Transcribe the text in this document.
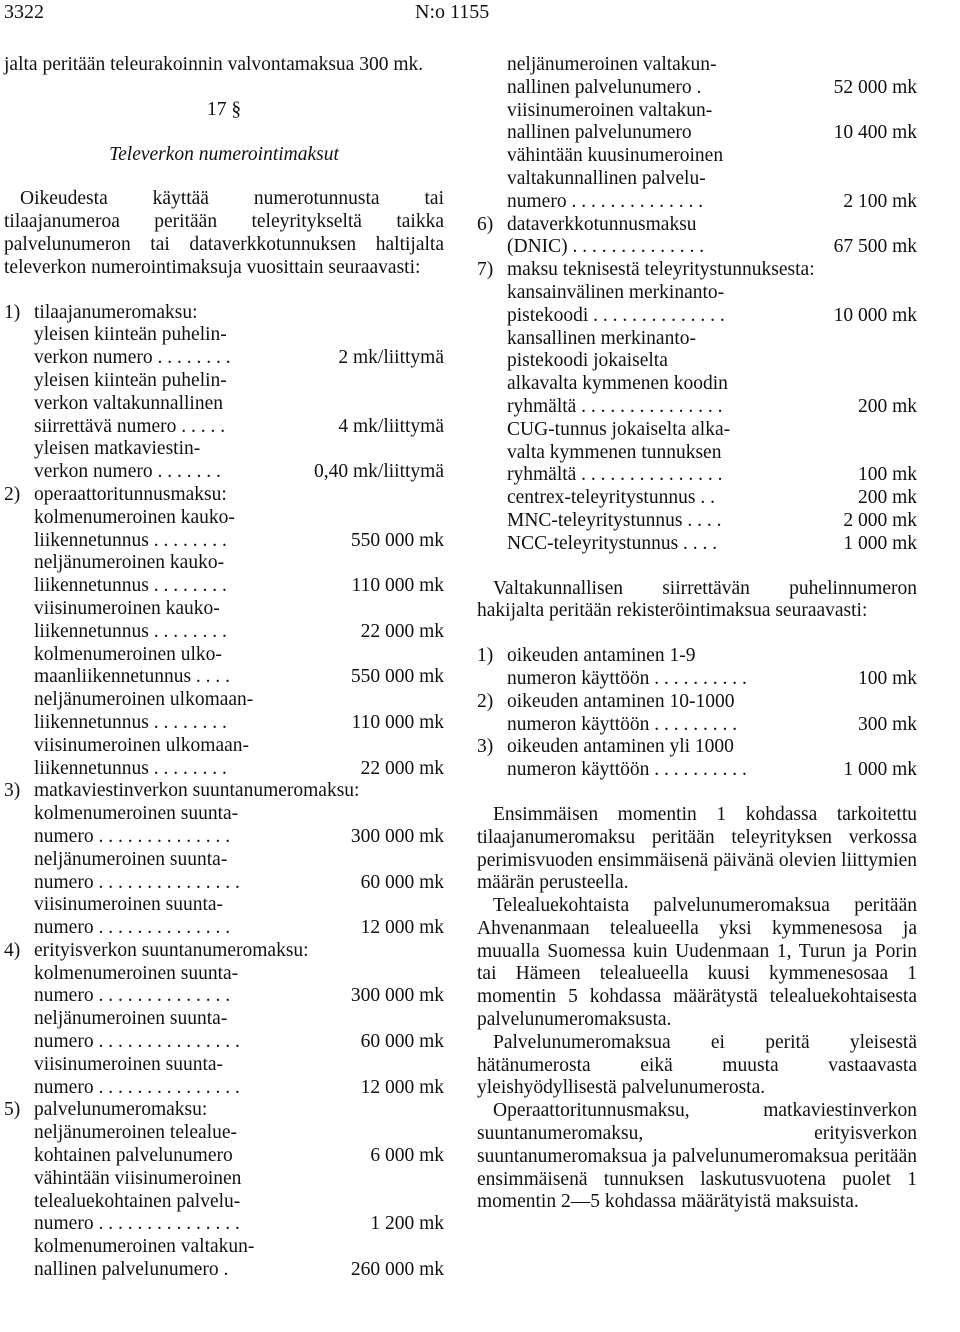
3322	N:o 1155

jalta peritään teleurakoinnin valvontamaksua 300 mk.

17 §

Televerkon numerointimaksut

Oikeudesta käyttää numerotunnusta tai tilaajanumeroa peritään teleyritykseltä taikka palvelunumeron tai dataverkkotunnuksen haltijalta televerkon numerointimaksuja vuosittain seuraavasti:

1) tilaajanumeromaksu:
yleisen kiinteän puhelin-
verkon numero . . . . . . . .	2 mk/liittymä
yleisen kiinteän puhelin-
verkon valtakunnallinen
siirrettävä numero . . . . .	4 mk/liittymä
yleisen matkaviestin-
verkon numero . . . . . . .	0,40 mk/liittymä
2) operaattoritunnusmaksu:
kolmenumeroinen kauko-
liikennetunnus . . . . . . . .	550 000 mk
neljänumeroinen kauko-
liikennetunnus . . . . . . . .	110 000 mk
viisinumeroinen kauko-
liikennetunnus . . . . . . . .	22 000 mk
kolmenumeroinen ulko-
maanliikennetunnus . . . .	550 000 mk
neljänumeroinen ulkomaan-
liikennetunnus . . . . . . . .	110 000 mk
viisinumeroinen ulkomaan-
liikennetunnus . . . . . . . .	22 000 mk
3) matkaviestinverkon suuntanumeromaksu:
kolmenumeroinen suunta-
numero . . . . . . . . . . . . . .	300 000 mk
neljänumeroinen suunta-
numero . . . . . . . . . . . . . . .	60 000 mk
viisinumeroinen suunta-
numero . . . . . . . . . . . . . .	12 000 mk
4) erityisverkon suuntanumeromaksu:
kolmenumeroinen suunta-
numero . . . . . . . . . . . . . .	300 000 mk
neljänumeroinen suunta-
numero . . . . . . . . . . . . . . .	60 000 mk
viisinumeroinen suunta-
numero . . . . . . . . . . . . . . .	12 000 mk
5) palvelunumeromaksu:
neljänumeroinen telealue-
kohtainen palvelunumero	6 000 mk
vähintään viisinumeroinen
telealuekohtainen palvelu-
numero . . . . . . . . . . . . . . .	1 200 mk
kolmenumeroinen valtakun-
nallinen palvelunumero .	260 000 mk
neljänumeroinen valtakun-
nallinen palvelunumero .	52 000 mk
viisinumeroinen valtakun-
nallinen palvelunumero	10 400 mk
vähintään kuusinumeroinen
valtakunnallinen palvelu-
numero . . . . . . . . . . . . . .	2 100 mk
6) dataverkkotunnusmaksu
(DNIC) . . . . . . . . . . . . . .	67 500 mk
7) maksu teknisestä teleyritystunnuksesta:
kansainvälinen merkinanto-
pistekoodi . . . . . . . . . . . . . .	10 000 mk
kansallinen merkinanto-
pistekoodi jokaiselta
alkavalta kymmenen koodin
ryhmältä . . . . . . . . . . . . . . .	200 mk
CUG-tunnus jokaiselta alka-
valta kymmenen tunnuksen
ryhmältä . . . . . . . . . . . . . . .	100 mk
centrex-teleyritystunnus . .	200 mk
MNC-teleyritystunnus . . . .	2 000 mk
NCC-teleyritystunnus . . . .	1 000 mk

Valtakunnallisen siirrettävän puhelinnumeron hakijalta peritään rekisteröintimaksua seuraavasti:

1) oikeuden antaminen 1-9
numeron käyttöön . . . . . . . . . .	100 mk
2) oikeuden antaminen 10-1000
numeron käyttöön . . . . . . . . .	300 mk
3) oikeuden antaminen yli 1000
numeron käyttöön . . . . . . . . . .	1 000 mk

Ensimmäisen momentin 1 kohdassa tarkoitettu tilaajanumeromaksu peritään teleyrityksen verkossa perimisvuoden ensimmäisenä päivänä olevien liittymien määrän perusteella.

Telealuekohtaista palvelunumeromaksua peritään Ahvenanmaan telealueella yksi kymmenesosa ja muualla Suomessa kuin Uudenmaan 1, Turun ja Porin tai Hämeen telealueella kuusi kymmenesosaa 1 momentin 5 kohdassa määrätystä telealuekohtaisesta palvelunumeromaksusta.

Palvelunumeromaksua ei peritä yleisestä hätänumerosta eikä muusta vastaavasta yleishyödyllisestä palvelunumerosta.

Operaattoritunnusmaksu, matkaviestinverkon suuntanumeromaksu, erityisverkon suuntanumeromaksua ja palvelunumeromaksua peritään ensimmäisenä tunnuksen laskutusvuotena puolet 1 momentin 2—5 kohdassa määrätyistä maksuista.
